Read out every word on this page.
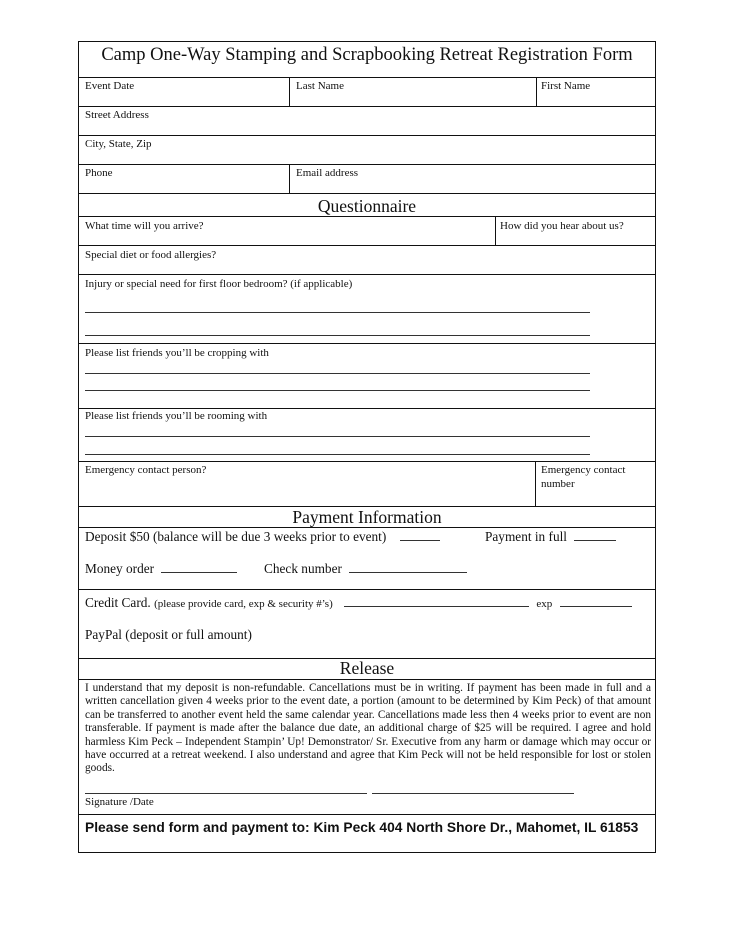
Camp One-Way Stamping and Scrapbooking Retreat Registration Form
Event Date	Last Name	First Name
Street Address
City, State, Zip
Phone	Email address
Questionnaire
What time will you arrive?	How did you hear about us?
Special diet or food allergies?
Injury or special need for first floor bedroom? (if applicable)
Please list friends you’ll be cropping with
Please list friends you’ll be rooming with
Emergency contact person?	Emergency contact
number
Payment Information
Deposit $50 (balance will be due 3 weeks prior to event)	Payment in full
Money order	Check number
Credit Card. (please provide card, exp & security #’s)	exp
PayPal (deposit or full amount)
Release
I understand that my deposit is non-refundable. Cancellations must be in writing. If payment has been made in full and a written cancellation given 4 weeks prior to the event date, a portion (amount to be determined by Kim Peck) of that amount can be transferred to another event held the same calendar year. Cancellations made less then 4 weeks prior to event are non transferable. If payment is made after the balance due date, an additional charge of $25 will be required. I agree and hold harmless Kim Peck – Independent Stampin’ Up! Demonstrator/ Sr. Executive from any harm or damage which may occur or have occurred at a retreat weekend. I also understand and agree that Kim Peck will not be held responsible for lost or stolen goods.
Signature /Date
Please send form and payment to: Kim Peck 404 North Shore Dr., Mahomet, IL 61853
